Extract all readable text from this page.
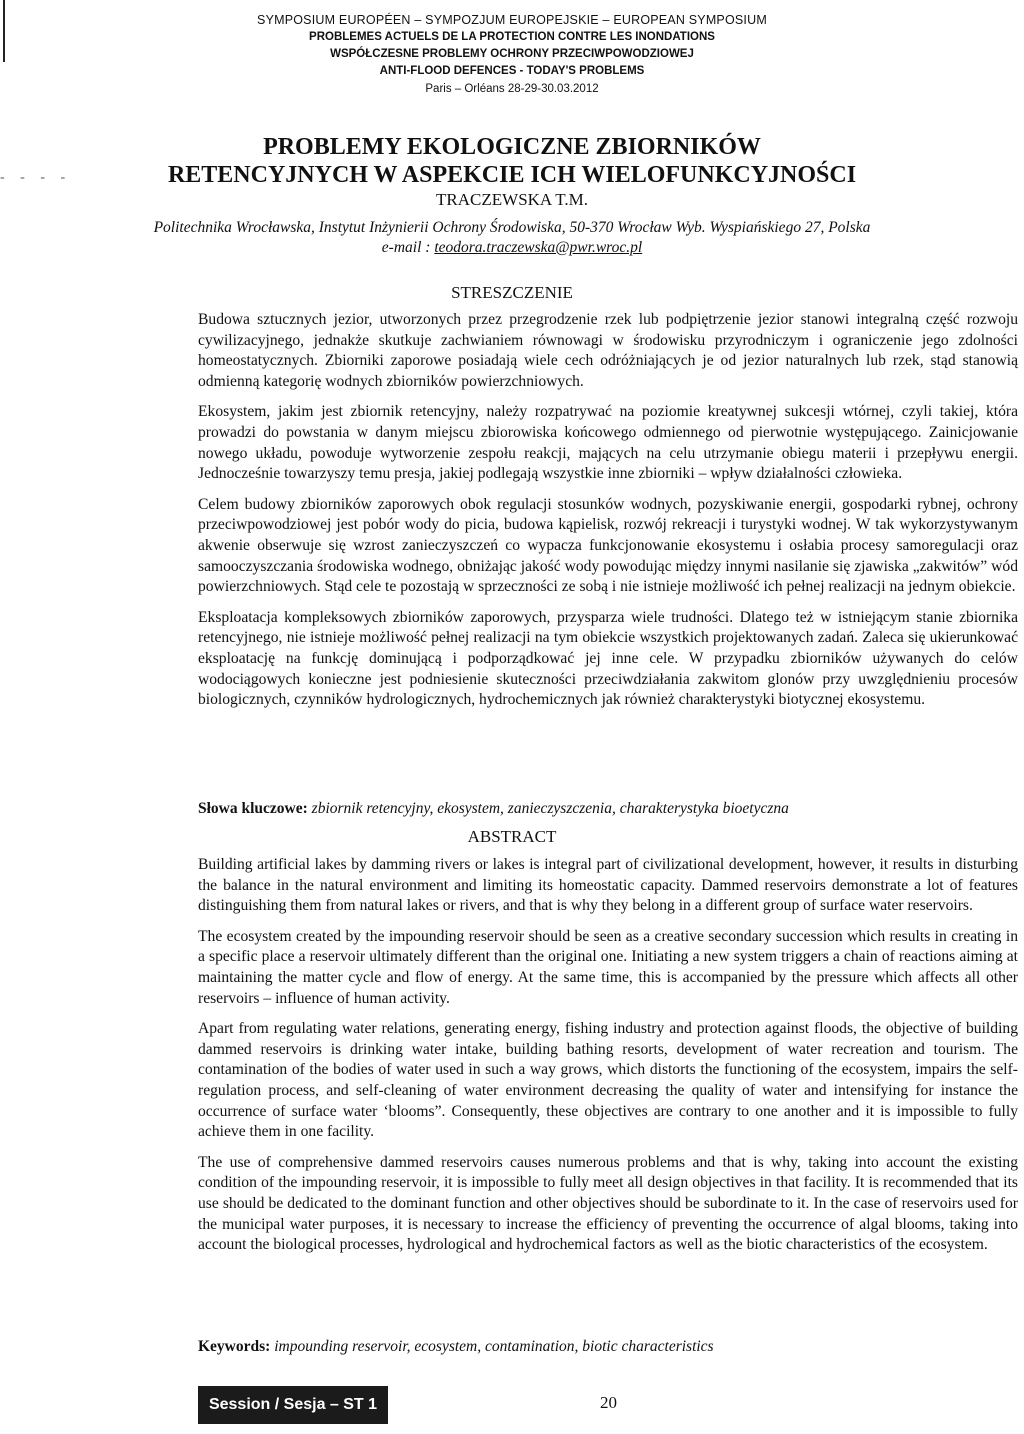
- - - -
SYMPOSIUM EUROPÉEN – SYMPOZJUM EUROPEJSKIE – EUROPEAN SYMPOSIUM
PROBLEMES ACTUELS DE LA PROTECTION CONTRE LES INONDATIONS
WSPÓŁCZESNE PROBLEMY OCHRONY PRZECIWPOWODZIOWEJ
ANTI-FLOOD DEFENCES - TODAY'S PROBLEMS
Paris – Orléans 28-29-30.03.2012
PROBLEMY EKOLOGICZNE ZBIORNIKÓW
RETENCYJNYCH W ASPEKCIE ICH WIELOFUNKCYJNOŚCI
TRACZEWSKA T.M.
Politechnika Wrocławska, Instytut Inżynierii Ochrony Środowiska, 50-370 Wrocław Wyb. Wyspiańskiego 27, Polska
e-mail : teodora.traczewska@pwr.wroc.pl
STRESZCZENIE

Budowa sztucznych jezior, utworzonych przez przegrodzenie rzek lub podpiętrzenie jezior stanowi integralną część rozwoju cywilizacyjnego, jednakże skutkuje zachwianiem równowagi w środowisku przyrodniczym i ograniczenie jego zdolności homeostatycznych. Zbiorniki zaporowe posiadają wiele cech odróżniających je od jezior naturalnych lub rzek, stąd stanowią odmienną kategorię wodnych zbiorników powierzchniowych.

Ekosystem, jakim jest zbiornik retencyjny, należy rozpatrywać na poziomie kreatywnej sukcesji wtórnej, czyli takiej, która prowadzi do powstania w danym miejscu zbiorowiska końcowego odmiennego od pierwotnie występującego. Zainicjowanie nowego układu, powoduje wytworzenie zespołu reakcji, mających na celu utrzymanie obiegu materii i przepływu energii. Jednocześnie towarzyszy temu presja, jakiej podlegają wszystkie inne zbiorniki – wpływ działalności człowieka.

Celem budowy zbiorników zaporowych obok regulacji stosunków wodnych, pozyskiwanie energii, gospodarki rybnej, ochrony przeciwpowodziowej jest pobór wody do picia, budowa kąpielisk, rozwój rekreacji i turystyki wodnej. W tak wykorzystywanym akwenie obserwuje się wzrost zanieczyszczeń co wypacza funkcjonowanie ekosystemu i osłabia procesy samoregulacji oraz samooczyszczania środowiska wodnego, obniżając jakość wody powodując między innymi nasilanie się zjawiska „zakwitów” wód powierzchniowych. Stąd cele te pozostają w sprzeczności ze sobą i nie istnieje możliwość ich pełnej realizacji na jednym obiekcie.

Eksploatacja kompleksowych zbiorników zaporowych, przysparza wiele trudności. Dlatego też w istniejącym stanie zbiornika retencyjnego, nie istnieje możliwość pełnej realizacji na tym obiekcie wszystkich projektowanych zadań. Zaleca się ukierunkować eksploatację na funkcję dominującą i podporządkować jej inne cele. W przypadku zbiorników używanych do celów wodociągowych konieczne jest podniesienie skuteczności przeciwdziałania zakwitom glonów przy uwzględnieniu procesów biologicznych, czynników hydrologicznych, hydrochemicznych jak również charakterystyki biotycznej ekosystemu.

Słowa kluczowe: zbiornik retencyjny, ekosystem, zanieczyszczenia, charakterystyka bioetyczna
ABSTRACT

Building artificial lakes by damming rivers or lakes is integral part of civilizational development, however, it results in disturbing the balance in the natural environment and limiting its homeostatic capacity. Dammed reservoirs demonstrate a lot of features distinguishing them from natural lakes or rivers, and that is why they belong in a different group of surface water reservoirs.

The ecosystem created by the impounding reservoir should be seen as a creative secondary succession which results in creating in a specific place a reservoir ultimately different than the original one. Initiating a new system triggers a chain of reactions aiming at maintaining the matter cycle and flow of energy. At the same time, this is accompanied by the pressure which affects all other reservoirs – influence of human activity.

Apart from regulating water relations, generating energy, fishing industry and protection against floods, the objective of building dammed reservoirs is drinking water intake, building bathing resorts, development of water recreation and tourism. The contamination of the bodies of water used in such a way grows, which distorts the functioning of the ecosystem, impairs the self-regulation process, and self-cleaning of water environment decreasing the quality of water and intensifying for instance the occurrence of surface water ‘blooms”. Consequently, these objectives are contrary to one another and it is impossible to fully achieve them in one facility.

The use of comprehensive dammed reservoirs causes numerous problems and that is why, taking into account the existing condition of the impounding reservoir, it is impossible to fully meet all design objectives in that facility. It is recommended that its use should be dedicated to the dominant function and other objectives should be subordinate to it. In the case of reservoirs used for the municipal water purposes, it is necessary to increase the efficiency of preventing the occurrence of algal blooms, taking into account the biological processes, hydrological and hydrochemical factors as well as the biotic characteristics of the ecosystem.

Keywords: impounding reservoir, ecosystem, contamination, biotic characteristics
Session / Sesja – ST 1	20
